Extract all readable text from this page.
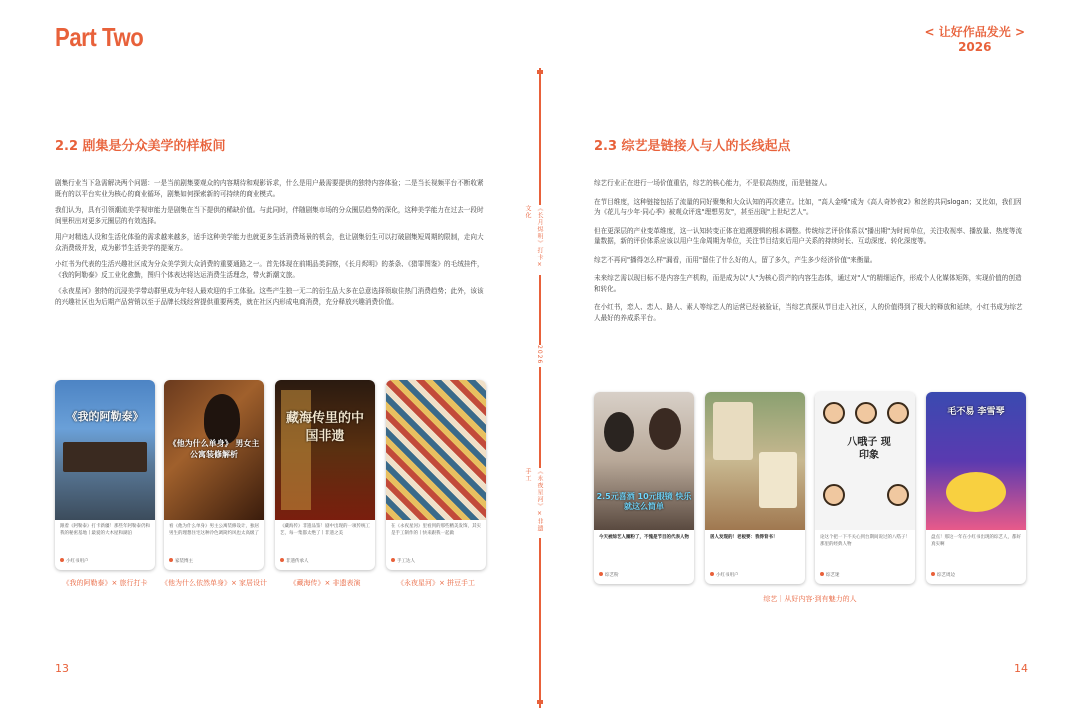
Part Two	< 让好作品发光 >
2026
《长月烬明》打卡×文化
2026
《永夜星河》×非遗手工
2.2 剧集是分众美学的样板间

剧集行业当下急需解决两个问题：一是当前剧集要观众的内容期待和观影诉求，什么是用户最需要提供的独特内容体验；二是当长视频平台不断收紧既有的以平台实业为核心的商业循环，剧集如何探索新的可持续的商业模式。

我们认为，具有引领潮流美学视审能力是剧集在当下提供的稀缺价值。与此同时，伴随剧集市场的分众圈层趋势的深化，这种美学能力在过去一段时间里积出对更多元圈层的有效选择。

用户对精选人设和生活化体验的需求越来越多，适手这种美学能力也就更多生活消费场景的机会，也让剧集衍生可以打破剧集短周期的限制，走向大众消费级并发，成为影节生活美学的提案方。

小红书为代表的生活兴趣社区成为分众美学到大众消费的重要通路之一。首先体现在前期品类洞察，《长月烬明》的茶条、《猎罪图鉴》的毛绒挂件，《我的阿勒泰》反工业化愈勤，图归个体表达将达运消费生活理念，带火新潮文旅。

《永夜星河》独特的沉浸美学带动群里成为年轻人最欢迎的手工体验。这些产生独一无二的衍生品大多在总意选择领取住热门消费趋势；此外，该该的兴趣社区也为后期产品营销以至于品牌长线经营提供重要两类，就在社区内形成电商消费，充分释放兴趣消费价值。

《我的阿勒泰》
跟着《阿勒泰》打卡新疆！那些年阿勒泰仍和我的秘密基地丨最爱的大木屋和湖泊
小红书用户
《我的阿勒泰》× 旅行打卡
《他为什么单身》 男女主公寓装修解析
看《他为什么单身》男主公寓装修设计，独居男生的理想住宅这种冷色调简约风也太高级了
家装博主
《他为什么依然单身》× 家居设计
藏海传里的中国非遗
《藏海传》非遗品鉴！剧中出现的一项传统工艺，每一集都太绝了丨非遗之美
非遗传承人
《藏海传》× 非遗表演
在《永夜星河》里看到的那些精美发饰，其实是手工制作的丨快来跟我一起做
手工达人
《永夜星河》× 拼豆手工
13
2.3 综艺是链接人与人的长线起点

综艺行业正在进行一场价值重估，综艺的核心能力，不是很高热度，而是链接人。

在节目维度，这种链接包括了流量的同好聚集和大众认知的再次建立。比如，"高人金嗓"成为《高人奇妙夜2》和丝的共同slogan；又比如，我们因为《花儿与少年·同心季》被观众评选"理想男友"，甚至出现"上世纪艺人"。

但在更深层的产业变革维度，这一认知转变正体在追溯逻辑的根本调整。传统综艺评价体系以"播出期"为时间单位，关注收视率、播放量、热度等流量数据，新的评价体系应该以用户生命周期为单位，关注节目结束后用户关系的持续时长、互动深度、转化深度等。

综艺不再问"播得怎么样"漏看，而用"留住了什么好的人，留了多久，产生多少经济价值"来衡量。

未来综艺需以现目标不是内容生产机构，而是成为以"人"为核心资产的内容生态体，通过对"人"的精细运作，形成个人化媒体矩阵，实现价值的创造和转化。

在小红书，恋人、恋人、路人、素人等综艺人的运营已经被验证，当综艺真探从节目走入社区，人的价值得到了极大的释放和延续，小红书成为综艺人最好的养成系平台。

2.5元喜酒 10元眼镜 快乐就这么简单
今天被综艺人圈粉了，不愧是节目的代表人物
综艺粉
居人发现的！老板要：我得背书！
小红书用户
八哦子 现印象
论这个把一下不关心到台期间说过的八嗒子！那里的经典人物
综艺迷
毛不易 李雪琴
盘点！那这一年在小红书出现的综艺人，都好真实啊
综艺周边
综艺｜从好内容·到有魅力的人
14
